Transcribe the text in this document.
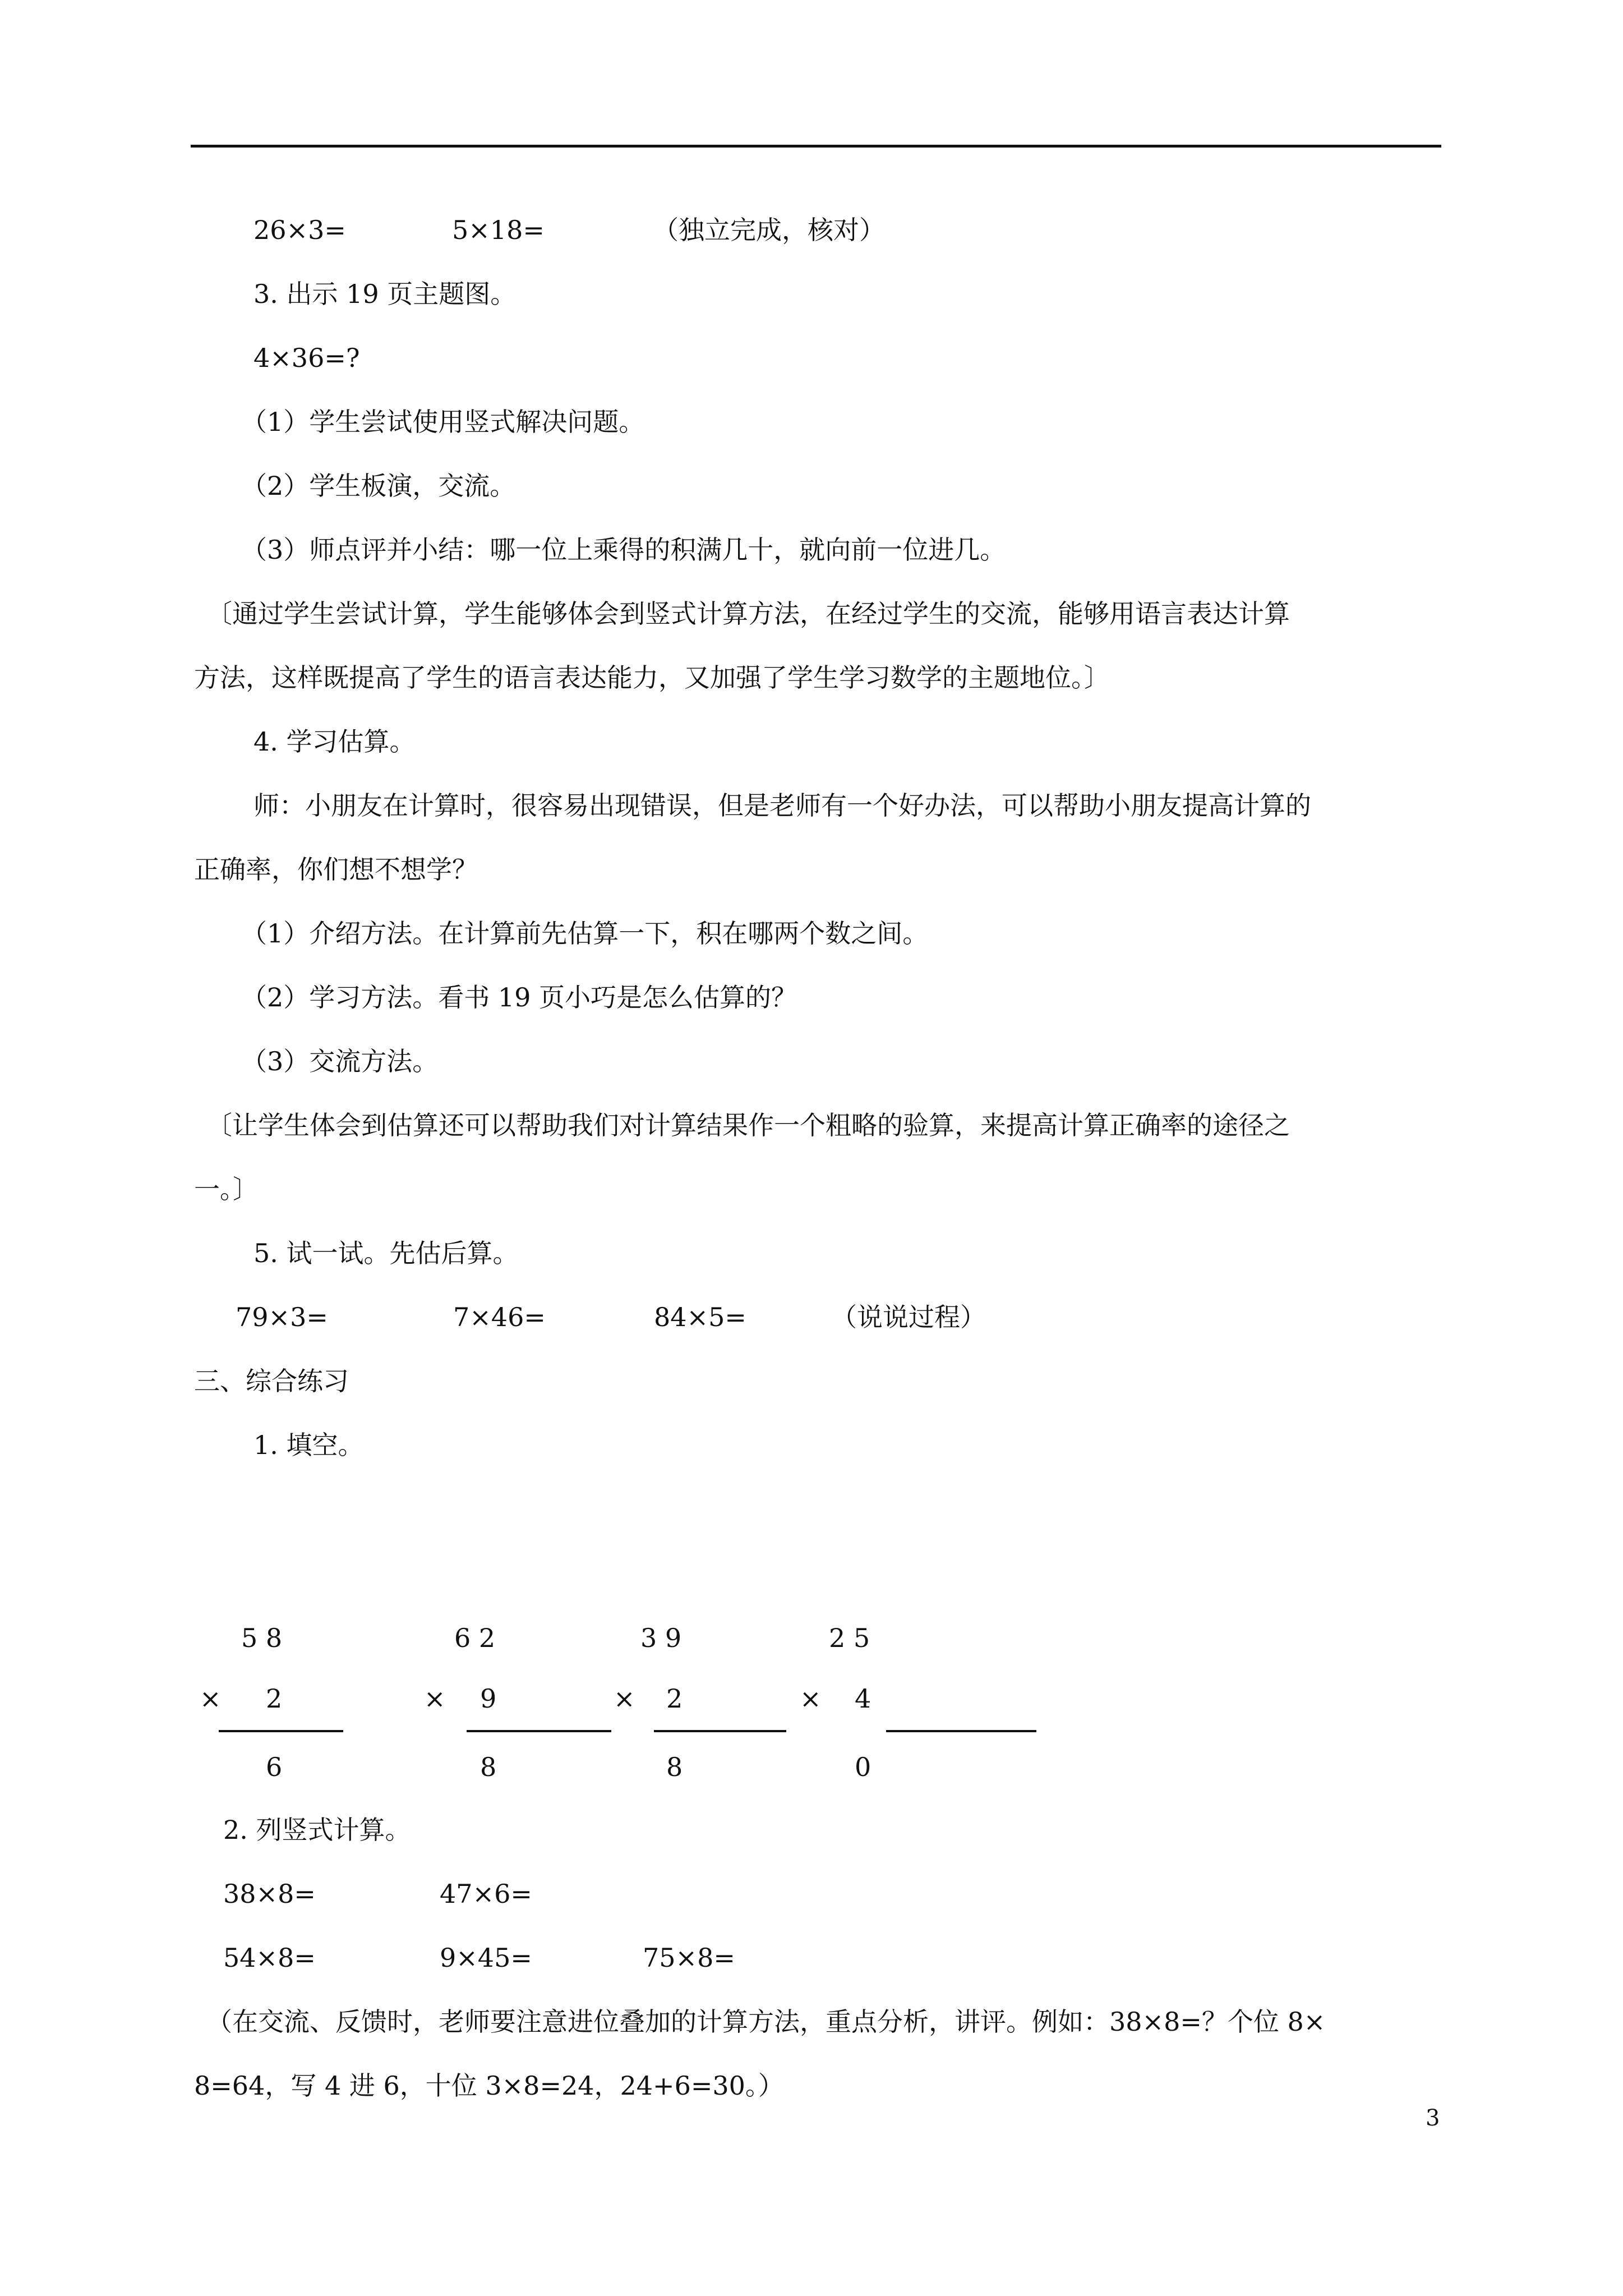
26×3=	5×18=	（独立完成，核对）
3. 出示 19 页主题图。
4×36=?
（1）学生尝试使用竖式解决问题。
（2）学生板演，交流。
（3）师点评并小结：哪一位上乘得的积满几十，就向前一位进几。
〔通过学生尝试计算，学生能够体会到竖式计算方法，在经过学生的交流，能够用语言表达计算
方法，这样既提高了学生的语言表达能力，又加强了学生学习数学的主题地位。〕
4. 学习估算。
师：小朋友在计算时，很容易出现错误，但是老师有一个好办法，可以帮助小朋友提高计算的
正确率，你们想不想学？
（1）介绍方法。在计算前先估算一下，积在哪两个数之间。
（2）学习方法。看书 19 页小巧是怎么估算的？
（3）交流方法。
〔让学生体会到估算还可以帮助我们对计算结果作一个粗略的验算，来提高计算正确率的途径之
一。〕
5. 试一试。先估后算。
79×3=	7×46=	84×5=	（说说过程）
三、综合练习
1. 填空。
5 8
× 2
6
6 2
× 9
8
3 9
× 2
8
2 5
× 4
0
2. 列竖式计算。
38×8=	47×6=
54×8=	9×45=	75×8=
（在交流、反馈时，老师要注意进位叠加的计算方法，重点分析，讲评。例如：38×8=？个位 8×
8=64，写 4 进 6，十位 3×8=24，24+6=30。）
3
